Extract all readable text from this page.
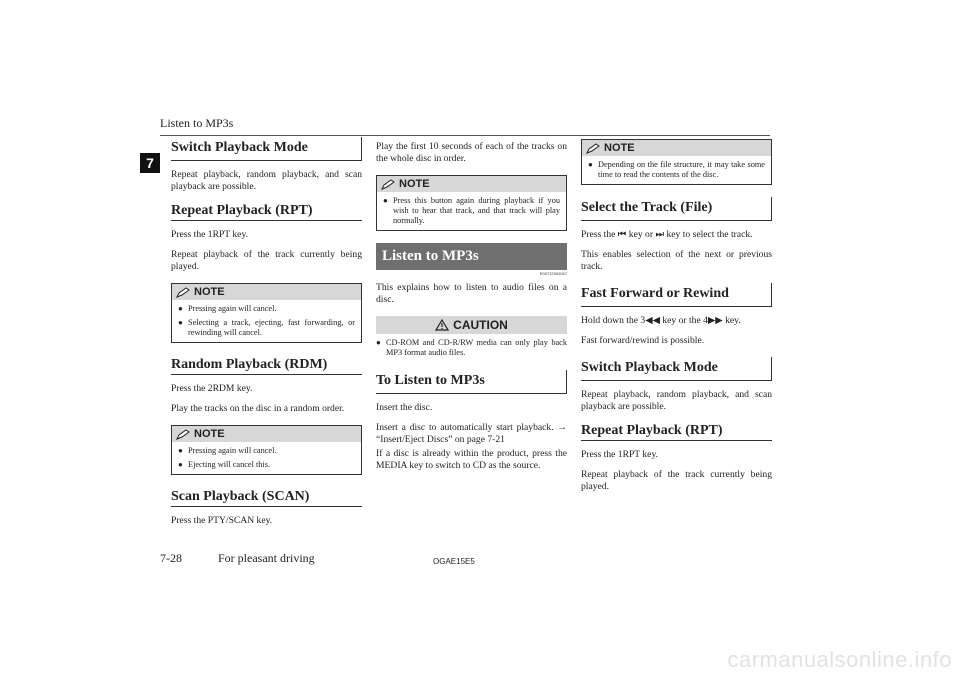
Listen to MP3s
7
Switch Playback Mode
Repeat playback, random playback, and scan playback are possible.
Repeat Playback (RPT)
Press the 1RPT key.
Repeat playback of the track currently being played.
NOTE
● Pressing again will cancel.
● Selecting a track, ejecting, fast forwarding, or rewinding will cancel.
Random Playback (RDM)
Press the 2RDM key.
Play the tracks on the disc in a random order.
NOTE
● Pressing again will cancel.
● Ejecting will cancel this.
Scan Playback (SCAN)
Press the PTY/SCAN key.
Play the first 10 seconds of each of the tracks on the whole disc in order.
NOTE
● Press this button again during playback if you wish to hear that track, and that track will play normally.
Listen to MP3s
E00737900047
This explains how to listen to audio files on a disc.
CAUTION
● CD-ROM and CD-R/RW media can only play back MP3 format audio files.
To Listen to MP3s
Insert the disc.
Insert a disc to automatically start playback. → “Insert/Eject Discs” on page 7-21
If a disc is already within the product, press the MEDIA key to switch to CD as the source.
NOTE
● Depending on the file structure, it may take some time to read the contents of the disc.
Select the Track (File)
Press the ⏮ key or ⏭ key to select the track.
This enables selection of the next or previous track.
Fast Forward or Rewind
Hold down the 3◀◀ key or the 4▶▶ key.
Fast forward/rewind is possible.
Switch Playback Mode
Repeat playback, random playback, and scan playback are possible.
Repeat Playback (RPT)
Press the 1RPT key.
Repeat playback of the track currently being played.
7-28	For pleasant driving	OGAE15E5
carmanualsonline.info
